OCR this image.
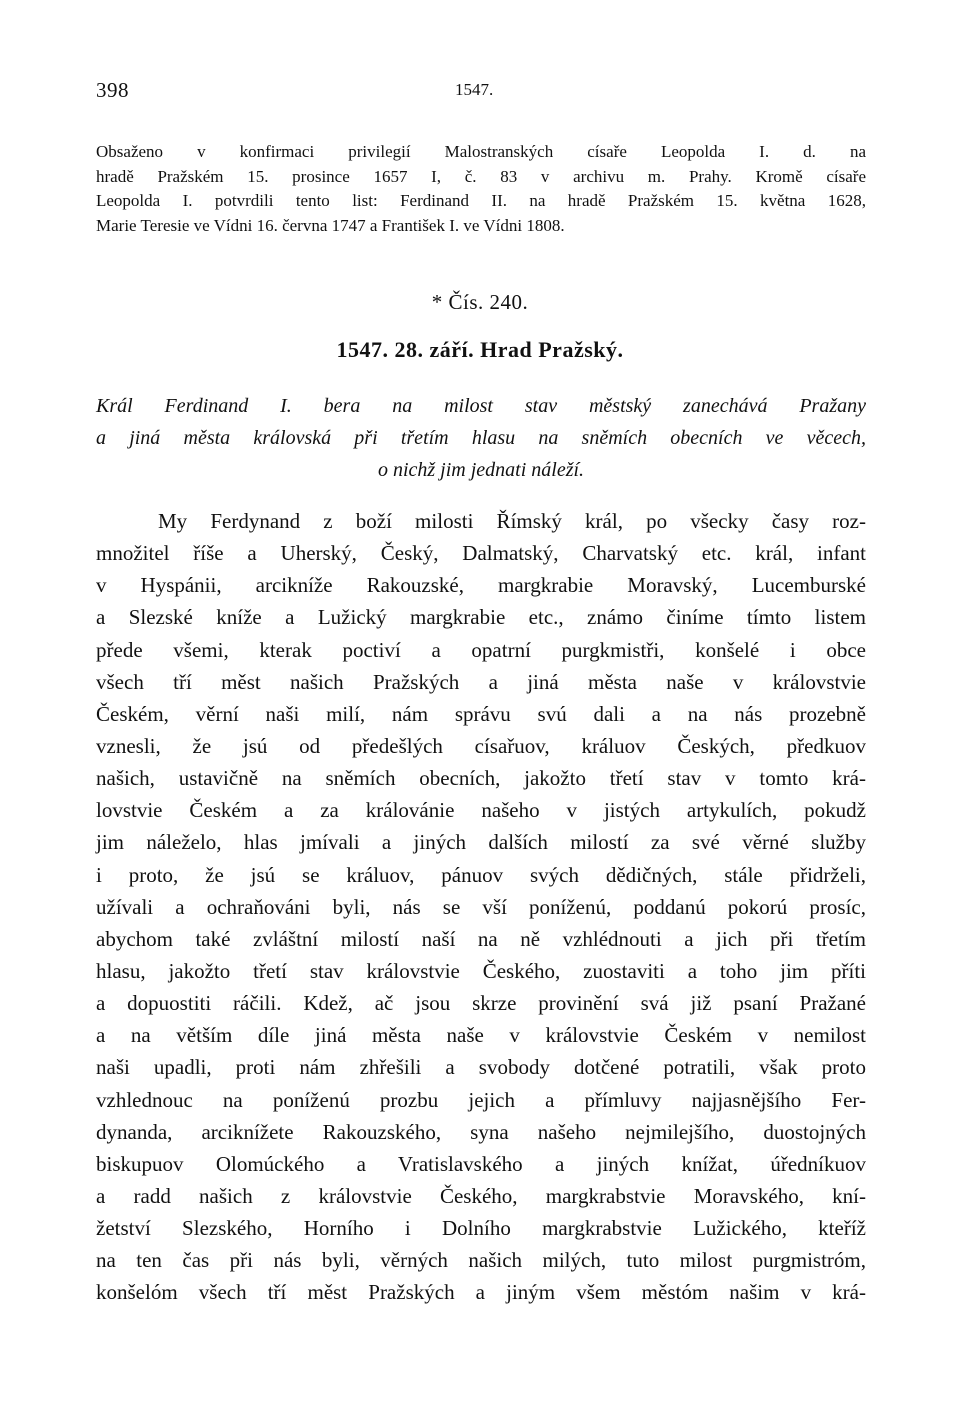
398	1547.
Obsaženo v konfirmaci privilegií Malostranských císaře Leopolda I. d. na
hradě Pražském 15. prosince 1657 I, č. 83 v archivu m. Prahy. Kromě císaře
Leopolda I. potvrdili tento list: Ferdinand II. na hradě Pražském 15. května 1628,
Marie Teresie ve Vídni 16. června 1747 a František I. ve Vídni 1808.
* Čís. 240.
1547. 28. září. Hrad Pražský.
Král Ferdinand I. bera na milost stav městský zanechává Pražany
a jiná města královská při třetím hlasu na sněmích obecních ve věcech,
o nichž jim jednati náleží.
My Ferdynand z boží milosti Římský král, po všecky časy roz-
množitel říše a Uherský, Český, Dalmatský, Charvatský etc. král, infant
v Hyspánii, arcikníže Rakouzské, margkrabie Moravský, Lucemburské
a Slezské kníže a Lužický margkrabie etc., známo činíme tímto listem
přede všemi, kterak poctiví a opatrní purgkmistři, konšelé i obce
všech tří měst našich Pražských a jiná města naše v královstvie
Českém, věrní naši milí, nám správu svú dali a na nás prozebně
vznesli, že jsú od předešlých císařuov, králuov Českých, předkuov
našich, ustavičně na sněmích obecních, jakožto třetí stav v tomto krá-
lovstvie Českém a za královánie našeho v jistých artykulích, pokudž
jim náleželo, hlas jmívali a jiných dalších milostí za své věrné služby
i proto, že jsú se králuov, pánuov svých dědičných, stále přidrželi,
užívali a ochraňováni byli, nás se vší poníženú, poddanú pokorú prosíc,
abychom také zvláštní milostí naší na ně vzhlédnouti a jich při třetím
hlasu, jakožto třetí stav královstvie Českého, zuostaviti a toho jim příti
a dopuostiti ráčili. Kdež, ač jsou skrze provinění svá již psaní Pražané
a na větším díle jiná města naše v královstvie Českém v nemilost
naši upadli, proti nám zhřešili a svobody dotčené potratili, však proto
vzhlednouc na poníženú prozbu jejich a přímluvy najjasnějšího Fer-
dynanda, arciknížete Rakouzského, syna našeho nejmilejšího, duostojných
biskupuov Olomúckého a Vratislavského a jiných knížat, úředníkuov
a radd našich z královstvie Českého, margkrabstvie Moravského, kní-
žetství Slezského, Horního i Dolního margkrabstvie Lužického, kteříž
na ten čas při nás byli, věrných našich milých, tuto milost purgmistróm,
konšelóm všech tří měst Pražských a jiným všem městóm našim v krá-
